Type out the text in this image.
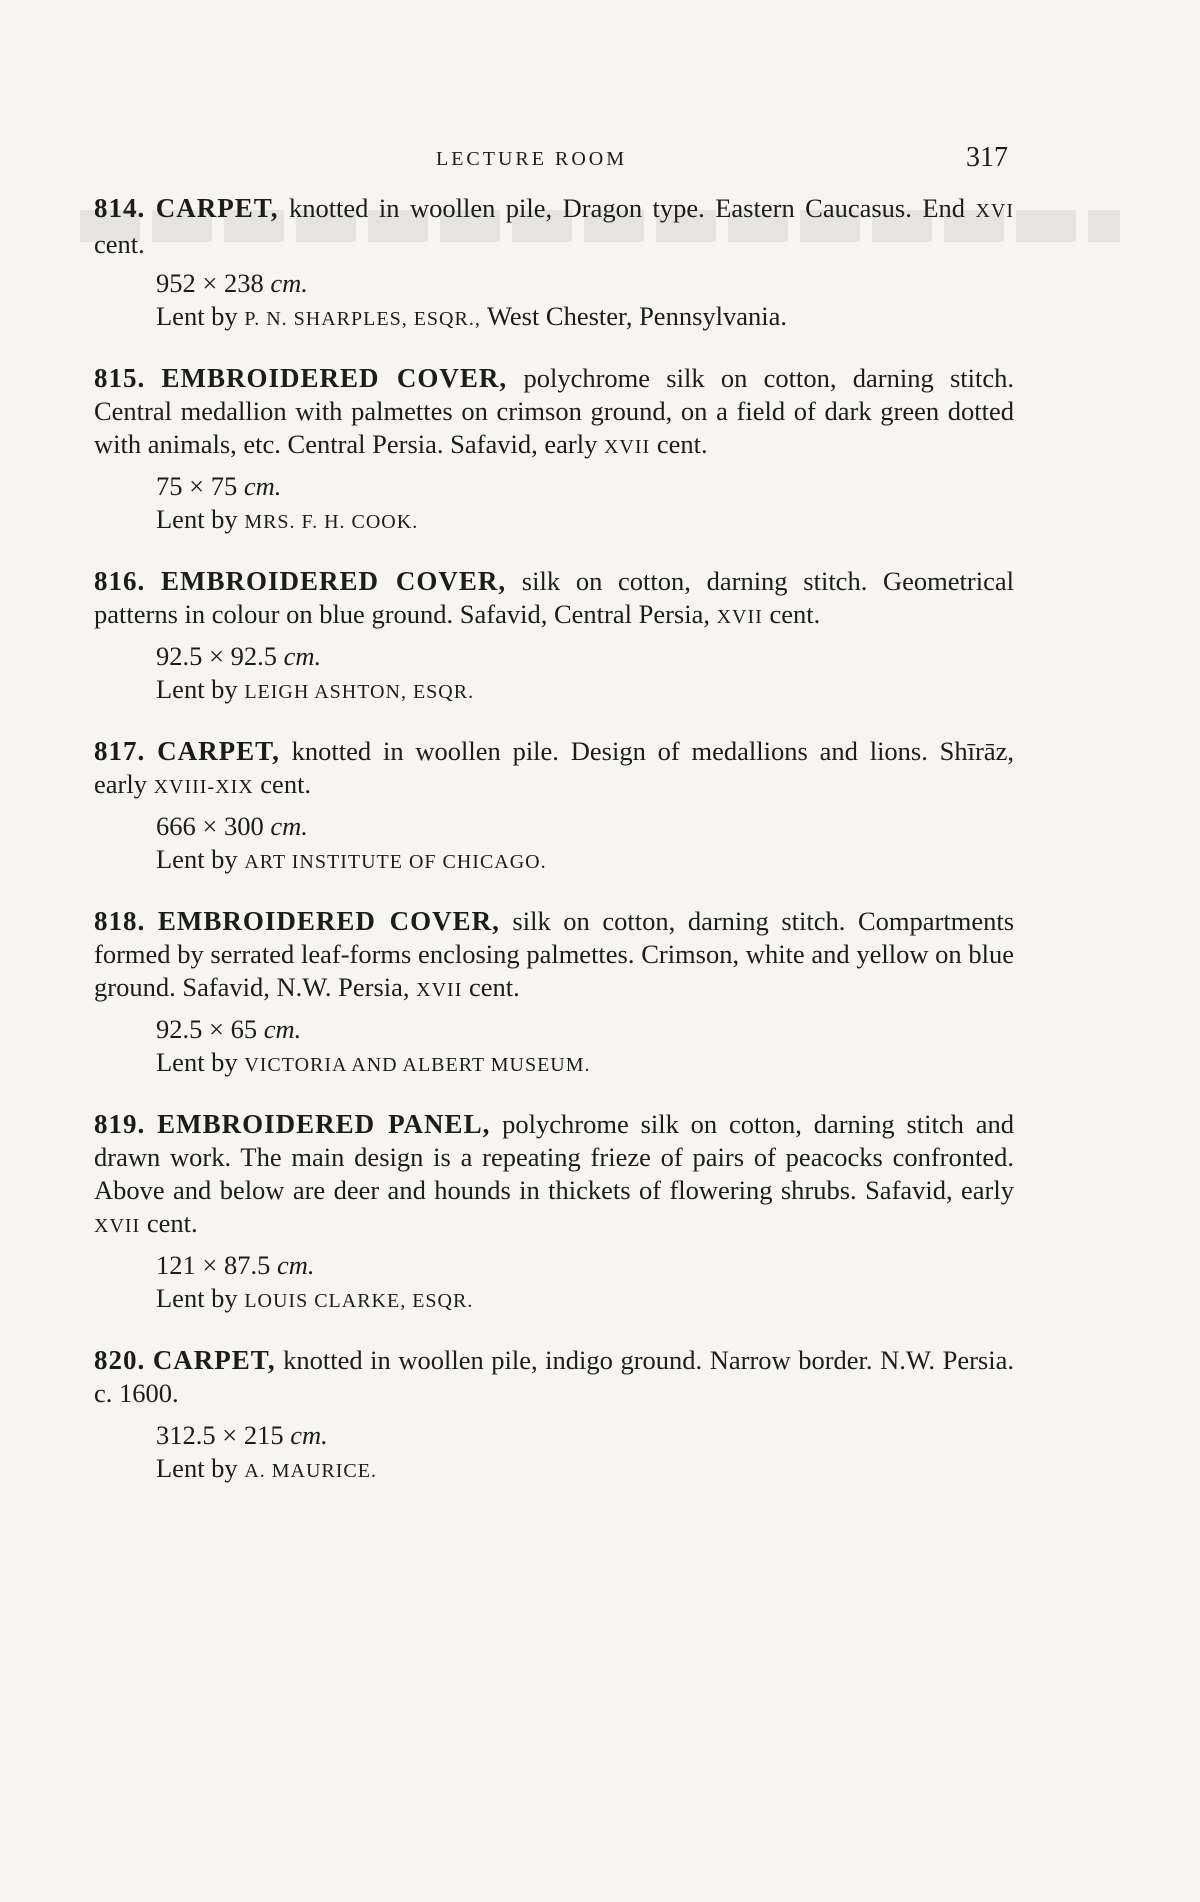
LECTURE ROOM	317

814. CARPET, knotted in woollen pile, Dragon type. Eastern Caucasus. End XVI cent.

952 × 238 cm.
Lent by P. N. SHARPLES, ESQR., West Chester, Pennsylvania.

815. EMBROIDERED COVER, polychrome silk on cotton, darning stitch. Central medallion with palmettes on crimson ground, on a field of dark green dotted with animals, etc. Central Persia. Safavid, early XVII cent.

75 × 75 cm.
Lent by MRS. F. H. COOK.

816. EMBROIDERED COVER, silk on cotton, darning stitch. Geometrical patterns in colour on blue ground. Safavid, Central Persia, XVII cent.

92.5 × 92.5 cm.
Lent by LEIGH ASHTON, ESQR.

817. CARPET, knotted in woollen pile. Design of medallions and lions. Shīrāz, early XVIII-XIX cent.

666 × 300 cm.
Lent by ART INSTITUTE OF CHICAGO.

818. EMBROIDERED COVER, silk on cotton, darning stitch. Compartments formed by serrated leaf-forms enclosing palmettes. Crimson, white and yellow on blue ground. Safavid, N.W. Persia, XVII cent.

92.5 × 65 cm.
Lent by VICTORIA AND ALBERT MUSEUM.

819. EMBROIDERED PANEL, polychrome silk on cotton, darning stitch and drawn work. The main design is a repeating frieze of pairs of peacocks confronted. Above and below are deer and hounds in thickets of flowering shrubs. Safavid, early XVII cent.

121 × 87.5 cm.
Lent by LOUIS CLARKE, ESQR.

820. CARPET, knotted in woollen pile, indigo ground. Narrow border. N.W. Persia. c. 1600.

312.5 × 215 cm.
Lent by A. MAURICE.
